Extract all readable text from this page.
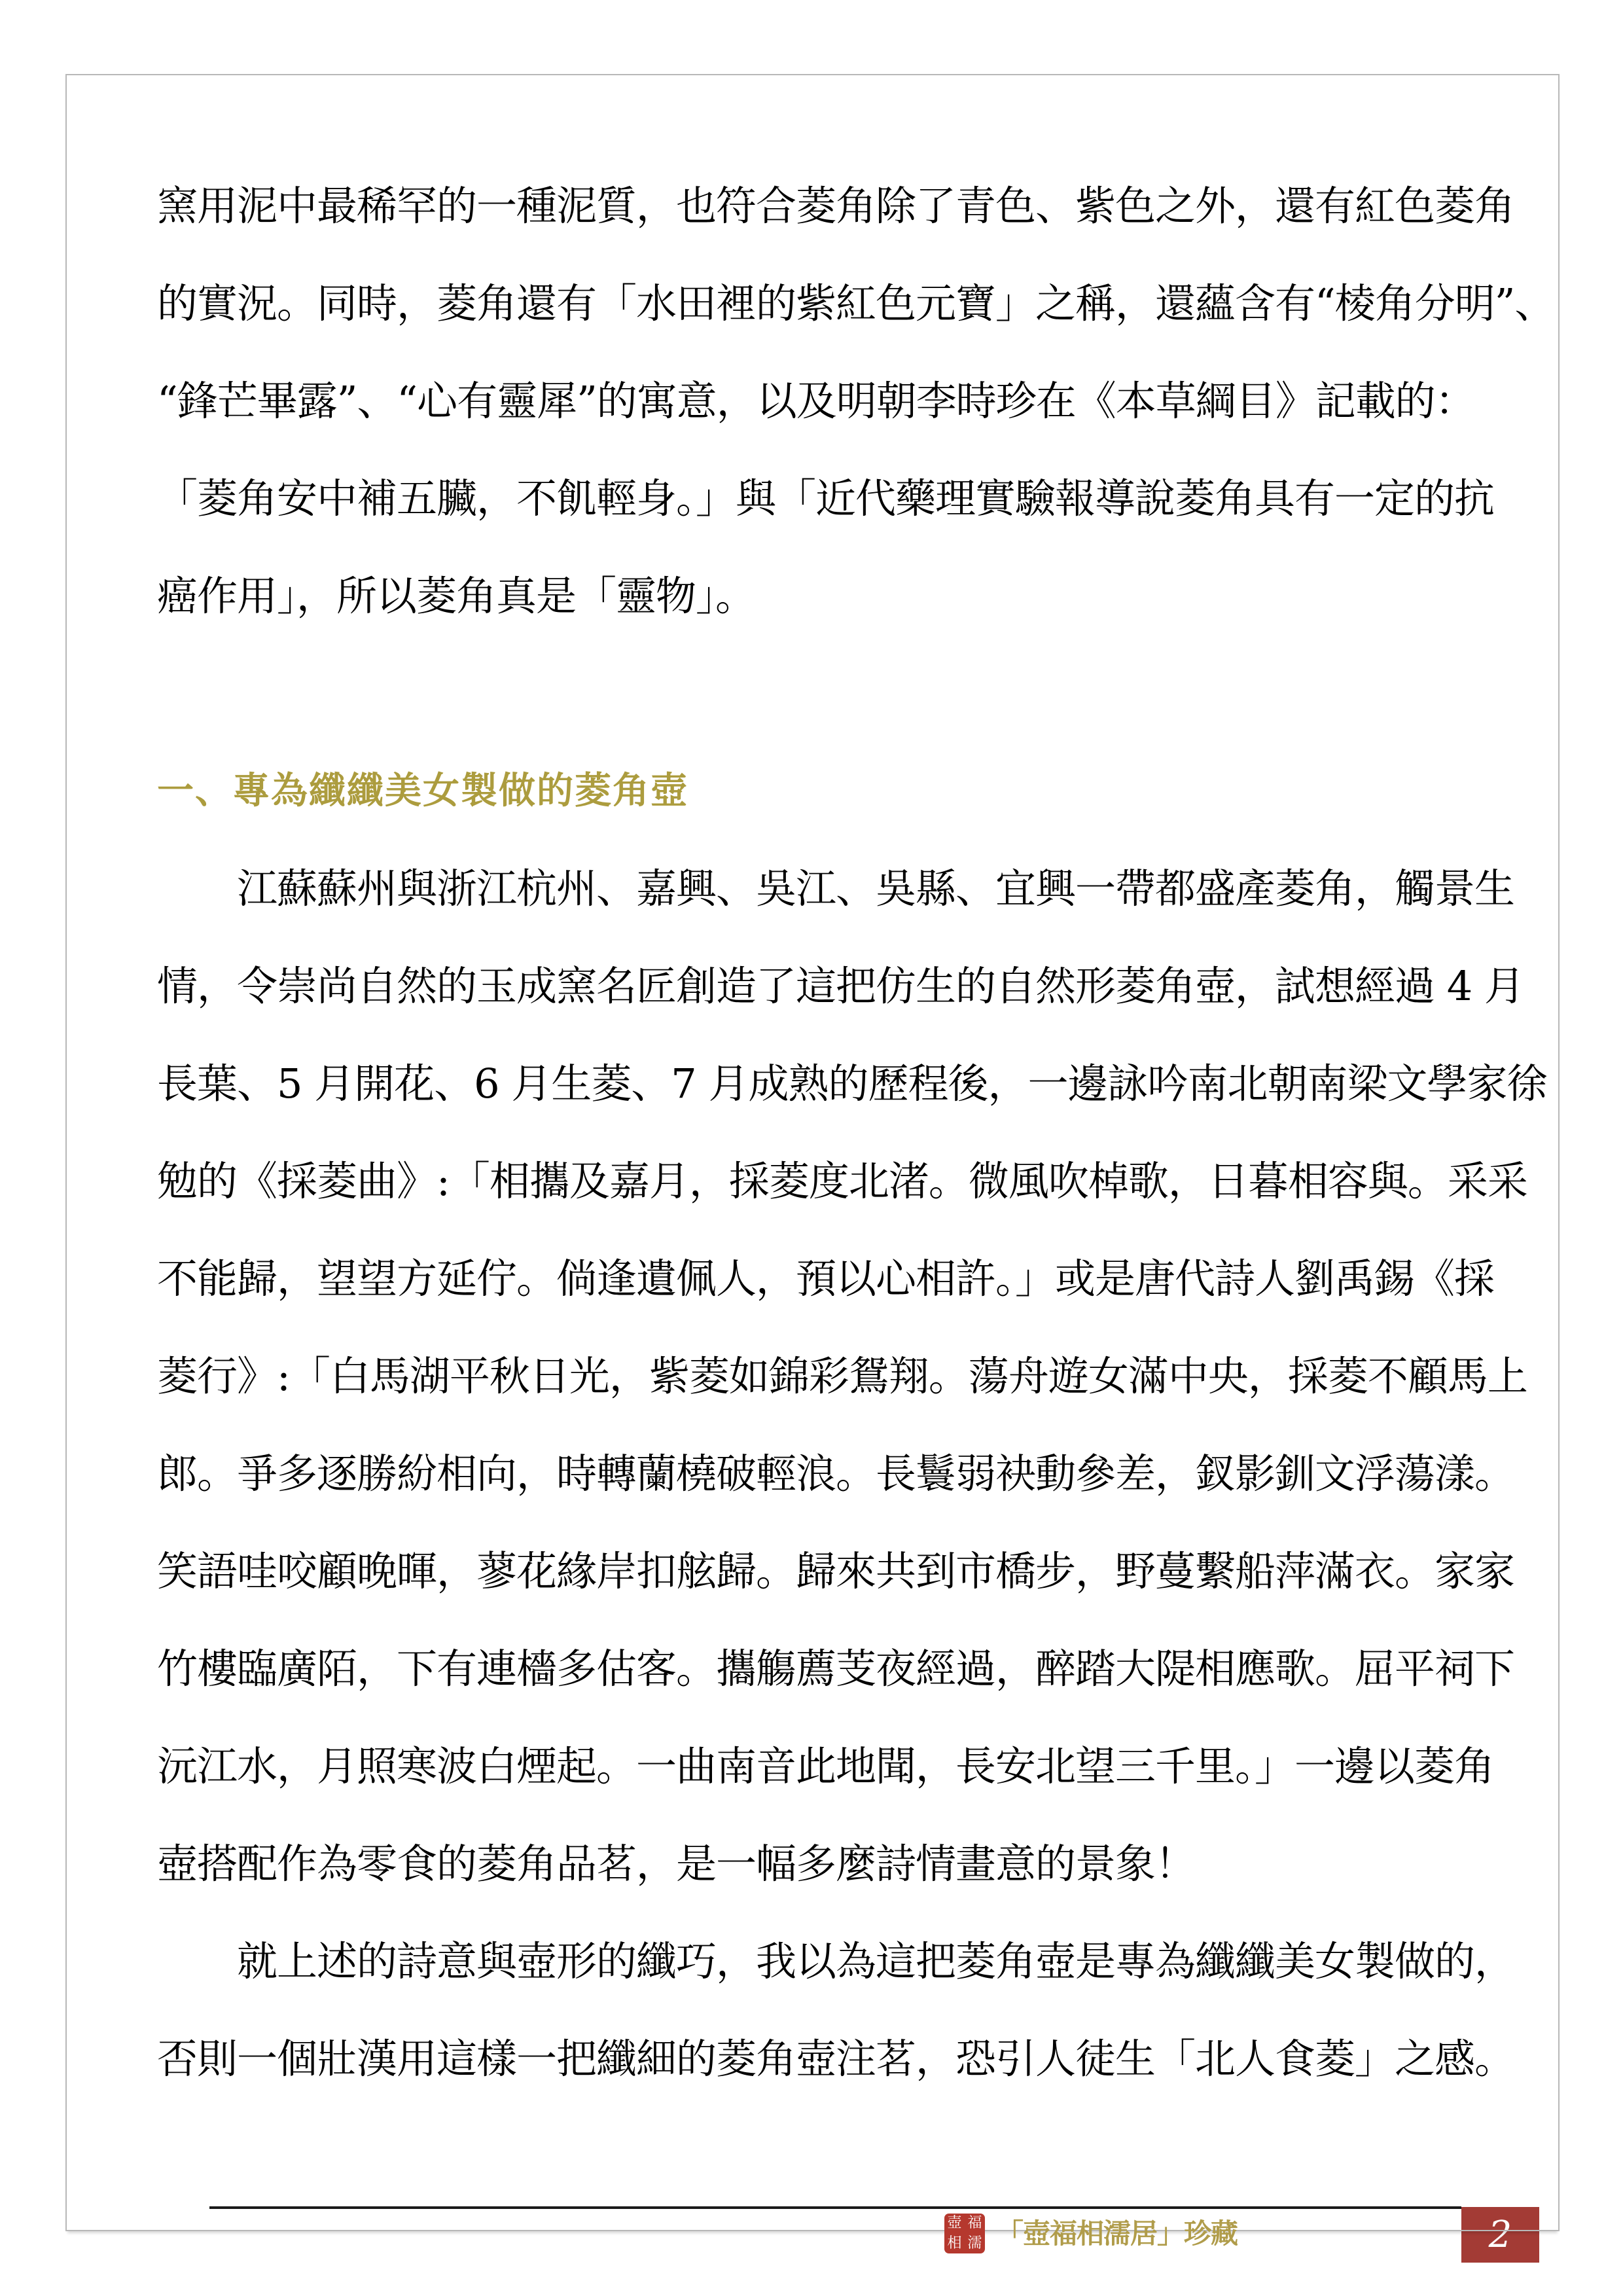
窯用泥中最稀罕的一種泥質，也符合菱角除了青色、紫色之外，還有紅色菱角
的實況。同時，菱角還有「水田裡的紫紅色元寶」之稱，還蘊含有“棱角分明”、
“鋒芒畢露”、“心有靈犀”的寓意，以及明朝李時珍在《本草綱目》記載的：
「菱角安中補五臟，不飢輕身。」與「近代藥理實驗報導說菱角具有一定的抗
癌作用」，所以菱角真是「靈物」。
一、專為纖纖美女製做的菱角壺
江蘇蘇州與浙江杭州、嘉興、吳江、吳縣、宜興一帶都盛產菱角，觸景生
情，令崇尚自然的玉成窯名匠創造了這把仿生的自然形菱角壺，試想經過 4 月
長葉、5 月開花、6 月生菱、7 月成熟的歷程後，一邊詠吟南北朝南梁文學家徐
勉的《採菱曲》:「相攜及嘉月，採菱度北渚。微風吹棹歌，日暮相容與。采采
不能歸，望望方延佇。倘逢遺佩人，預以心相許。」或是唐代詩人劉禹錫《採
菱行》:「白馬湖平秋日光，紫菱如錦彩鴛翔。蕩舟遊女滿中央，採菱不顧馬上
郎。爭多逐勝紛相向，時轉蘭橈破輕浪。長鬟弱袂動參差，釵影釧文浮蕩漾。
笑語哇咬顧晚暉，蓼花緣岸扣舷歸。歸來共到市橋步，野蔓繫船萍滿衣。家家
竹樓臨廣陌，下有連檣多估客。攜觴薦芰夜經過，醉踏大隄相應歌。屈平祠下
沅江水，月照寒波白煙起。一曲南音此地聞，長安北望三千里。」一邊以菱角
壺搭配作為零食的菱角品茗，是一幅多麼詩情畫意的景象！
就上述的詩意與壺形的纖巧，我以為這把菱角壺是專為纖纖美女製做的，
否則一個壯漢用這樣一把纖細的菱角壺注茗，恐引人徒生「北人食菱」之感。
壺 福
相 濡 「壺福相濡居」珍藏	2
